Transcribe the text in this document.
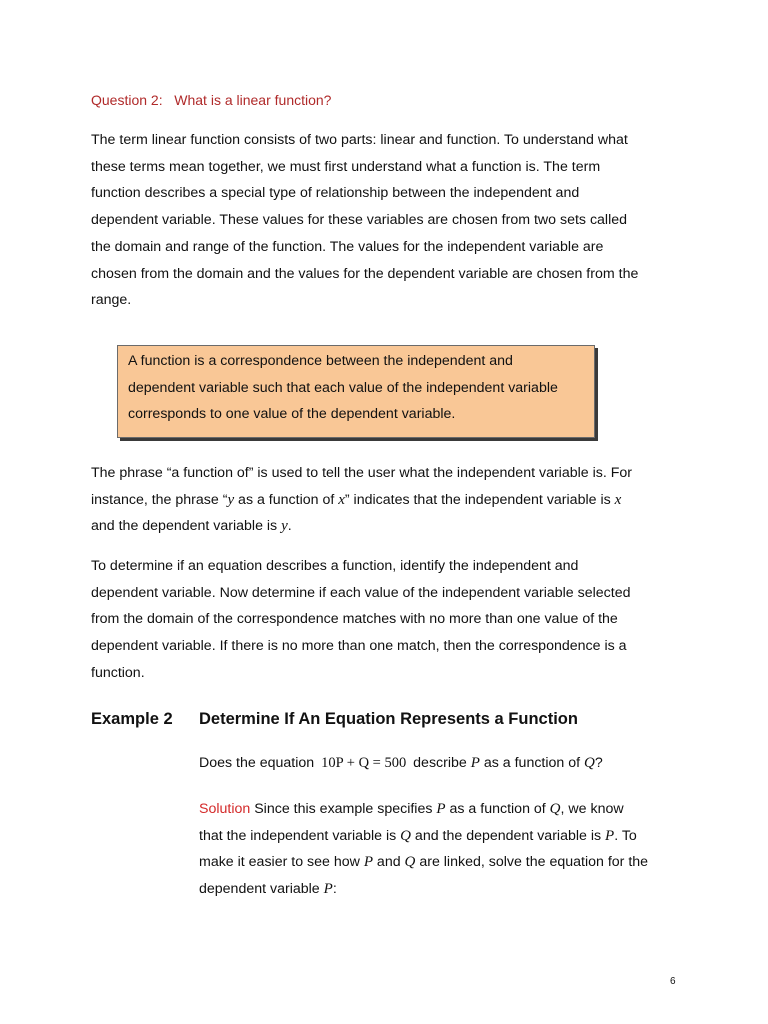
Question 2:   What is a linear function?
The term linear function consists of two parts: linear and function. To understand what
these terms mean together, we must first understand what a function is. The term
function describes a special type of relationship between the independent and
dependent variable. These values for these variables are chosen from two sets called
the domain and range of the function. The values for the independent variable are
chosen from the domain and the values for the dependent variable are chosen from the
range.
A function is a correspondence between the independent and
dependent variable such that each value of the independent variable
corresponds to one value of the dependent variable.
The phrase “a function of” is used to tell the user what the independent variable is. For
instance, the phrase “y as a function of x” indicates that the independent variable is x
and the dependent variable is y.
To determine if an equation describes a function, identify the independent and
dependent variable. Now determine if each value of the independent variable selected
from the domain of the correspondence matches with no more than one value of the
dependent variable. If there is no more than one match, then the correspondence is a
function.
Example 2 Determine If An Equation Represents a Function
Does the equation 10P + Q = 500 describe P as a function of Q?
Solution Since this example specifies P as a function of Q, we know
that the independent variable is Q and the dependent variable is P. To
make it easier to see how P and Q are linked, solve the equation for the
dependent variable P:
6
